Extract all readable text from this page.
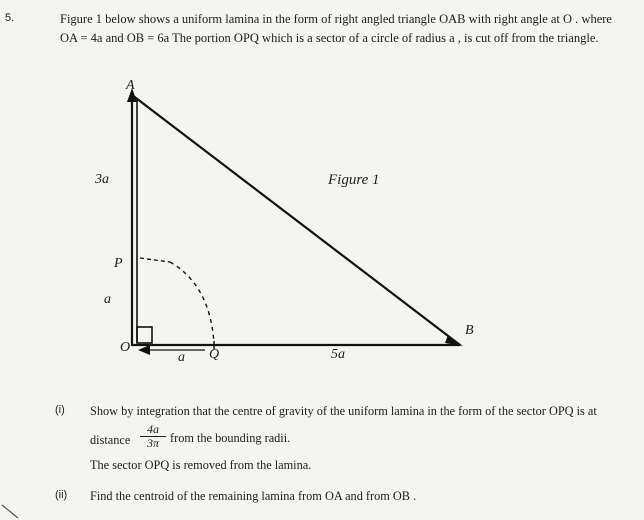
5.	Figure 1 below shows a uniform lamina in the form of right angled triangle OAB with right angle at O . where
OA = 4a and OB = 6a The portion OPQ which is a sector of a circle of radius a , is cut off from the triangle.
A
B
O
P
Q
3a
a
a	5a
Figure 1
(i) Show by integration that the centre of gravity of the uniform lamina in the form of the sector OPQ is at
distance $\frac{4a}{3\pi}$ from the bounding radii.
The sector OPQ is removed from the lamina.
(ii) Find the centroid of the remaining lamina from OA and from OB .
